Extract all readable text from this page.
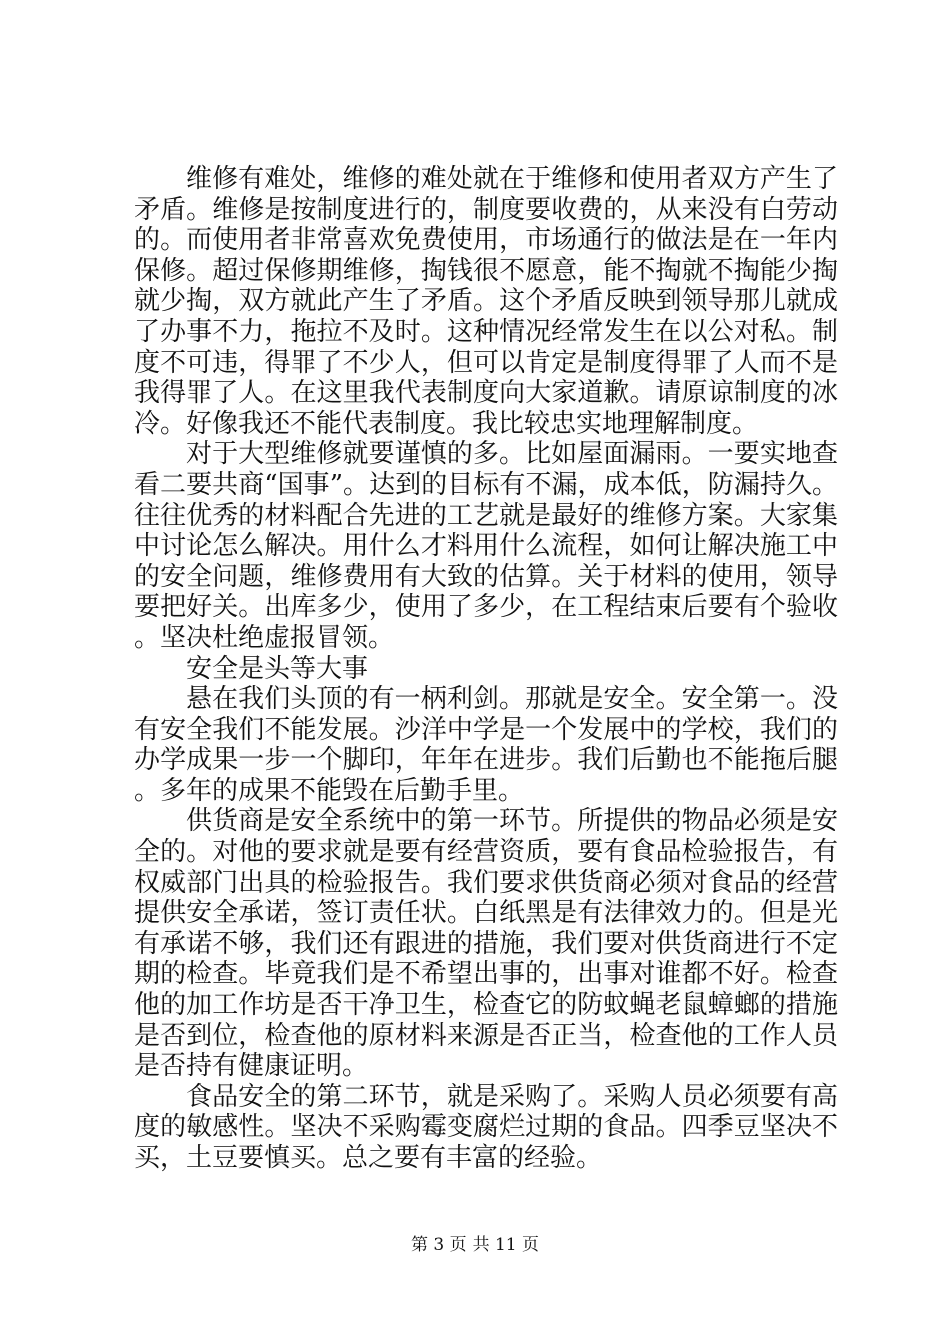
维修有难处，维修的难处就在于维修和使用者双方产生了矛盾。维修是按制度进行的，制度要收费的，从来没有白劳动的。而使用者非常喜欢免费使用，市场通行的做法是在一年内保修。超过保修期维修，掏钱很不愿意，能不掏就不掏能少掏就少掏，双方就此产生了矛盾。这个矛盾反映到领导那儿就成了办事不力，拖拉不及时。这种情况经常发生在以公对私。制度不可违，得罪了不少人，但可以肯定是制度得罪了人而不是我得罪了人。在这里我代表制度向大家道歉。请原谅制度的冰冷。好像我还不能代表制度。我比较忠实地理解制度。

对于大型维修就要谨慎的多。比如屋面漏雨。一要实地查看二要共商“国事”。达到的目标有不漏，成本低，防漏持久。往往优秀的材料配合先进的工艺就是最好的维修方案。大家集中讨论怎么解决。用什么才料用什么流程，如何让解决施工中的安全问题，维修费用有大致的估算。关于材料的使用，领导要把好关。出库多少，使用了多少，在工程结束后要有个验收。坚决杜绝虚报冒领。

安全是头等大事

悬在我们头顶的有一柄利剑。那就是安全。安全第一。没有安全我们不能发展。沙洋中学是一个发展中的学校，我们的办学成果一步一个脚印，年年在进步。我们后勤也不能拖后腿。多年的成果不能毁在后勤手里。

供货商是安全系统中的第一环节。所提供的物品必须是安全的。对他的要求就是要有经营资质，要有食品检验报告，有权威部门出具的检验报告。我们要求供货商必须对食品的经营提供安全承诺，签订责任状。白纸黑是有法律效力的。但是光有承诺不够，我们还有跟进的措施，我们要对供货商进行不定期的检查。毕竟我们是不希望出事的，出事对谁都不好。检查他的加工作坊是否干净卫生，检查它的防蚊蝇老鼠蟑螂的措施是否到位，检查他的原材料来源是否正当，检查他的工作人员是否持有健康证明。

食品安全的第二环节，就是采购了。采购人员必须要有高度的敏感性。坚决不采购霉变腐烂过期的食品。四季豆坚决不买，土豆要慎买。总之要有丰富的经验。

第 3 页 共 11 页
